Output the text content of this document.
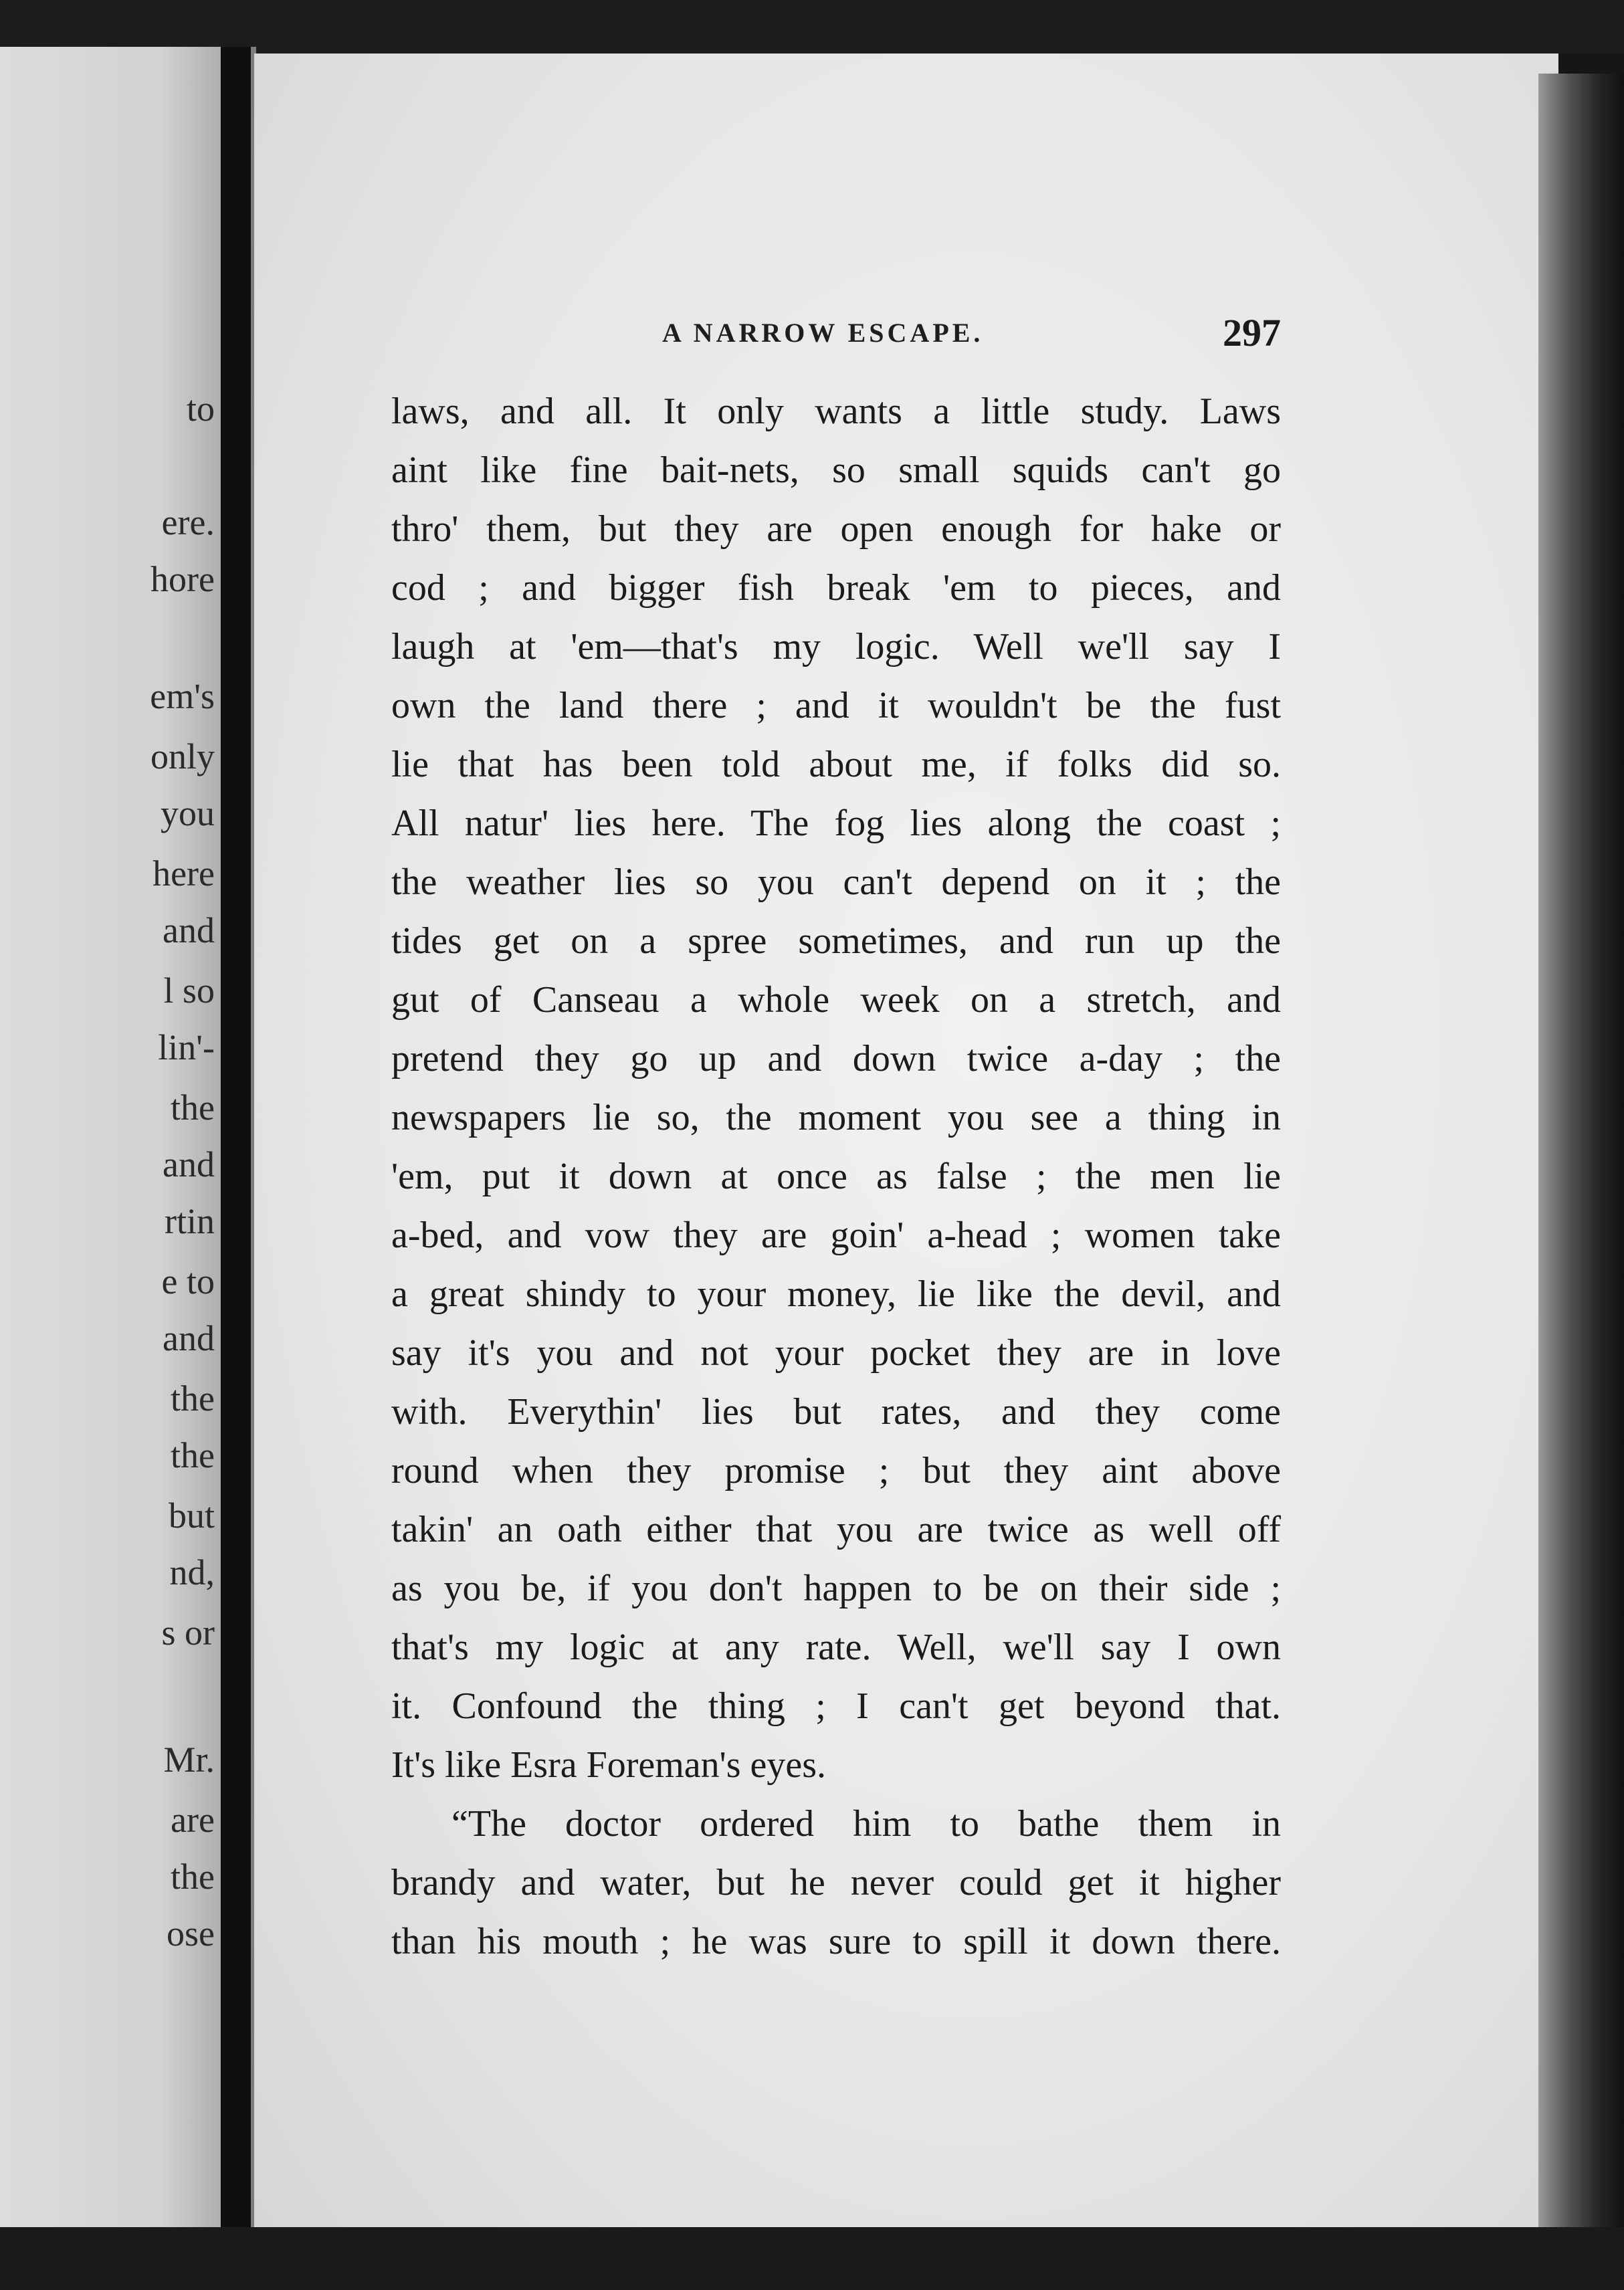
to
ere.
hore
em's
only
you
here
and
l so
lin'-
the
and
rtin
e to
and
the
the
but
nd,
s or
Mr.
are
the
ose
A NARROW ESCAPE.	297
laws, and all. It only wants a little study. Laws
aint like fine bait-nets, so small squids can't go
thro' them, but they are open enough for hake or
cod ; and bigger fish break 'em to pieces, and
laugh at 'em—that's my logic. Well we'll say I
own the land there ; and it wouldn't be the fust
lie that has been told about me, if folks did so.
All natur' lies here. The fog lies along the coast ;
the weather lies so you can't depend on it ; the
tides get on a spree sometimes, and run up the
gut of Canseau a whole week on a stretch, and
pretend they go up and down twice a-day ; the
newspapers lie so, the moment you see a thing in
'em, put it down at once as false ; the men lie
a-bed, and vow they are goin' a-head ; women take
a great shindy to your money, lie like the devil, and
say it's you and not your pocket they are in love
with. Everythin' lies but rates, and they come
round when they promise ; but they aint above
takin' an oath either that you are twice as well off
as you be, if you don't happen to be on their side ;
that's my logic at any rate. Well, we'll say I own
it. Confound the thing ; I can't get beyond that.
It's like Esra Foreman's eyes.
“The doctor ordered him to bathe them in
brandy and water, but he never could get it higher
than his mouth ; he was sure to spill it down there.
